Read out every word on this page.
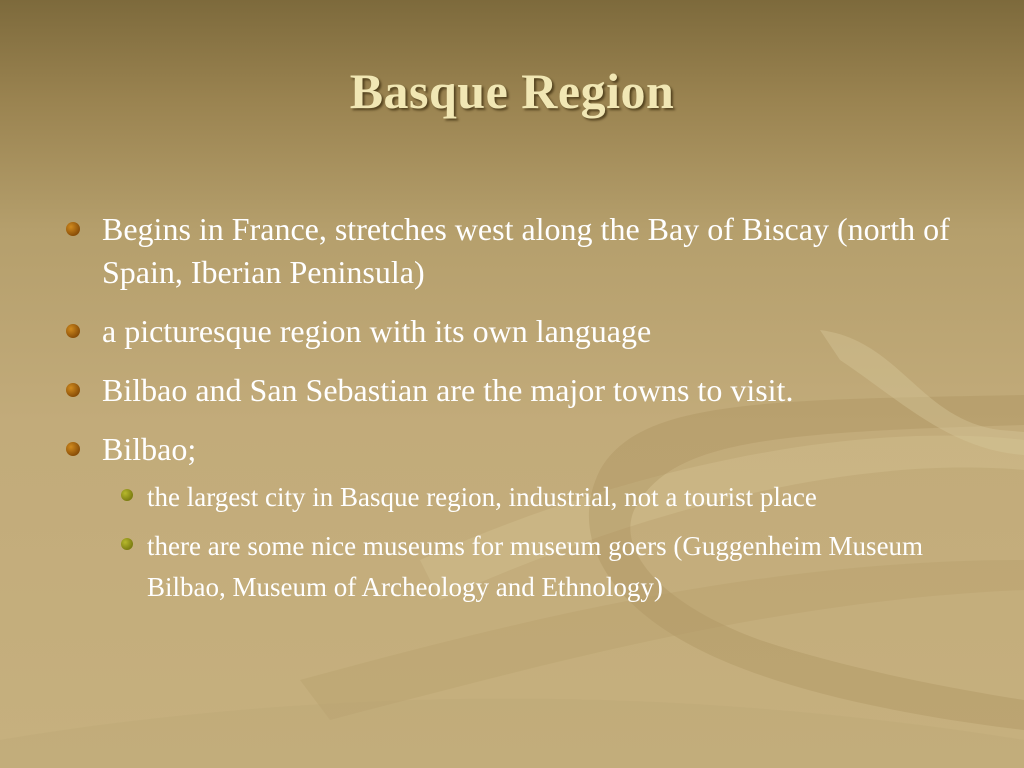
Basque Region
Begins in France, stretches west along the Bay of Biscay (north of Spain, Iberian Peninsula)
a picturesque region with its own language
Bilbao and San Sebastian are the major towns to visit.
Bilbao;
the largest city in Basque region, industrial, not a tourist place
there are some nice museums for museum goers (Guggenheim Museum Bilbao, Museum of Archeology and Ethnology)
